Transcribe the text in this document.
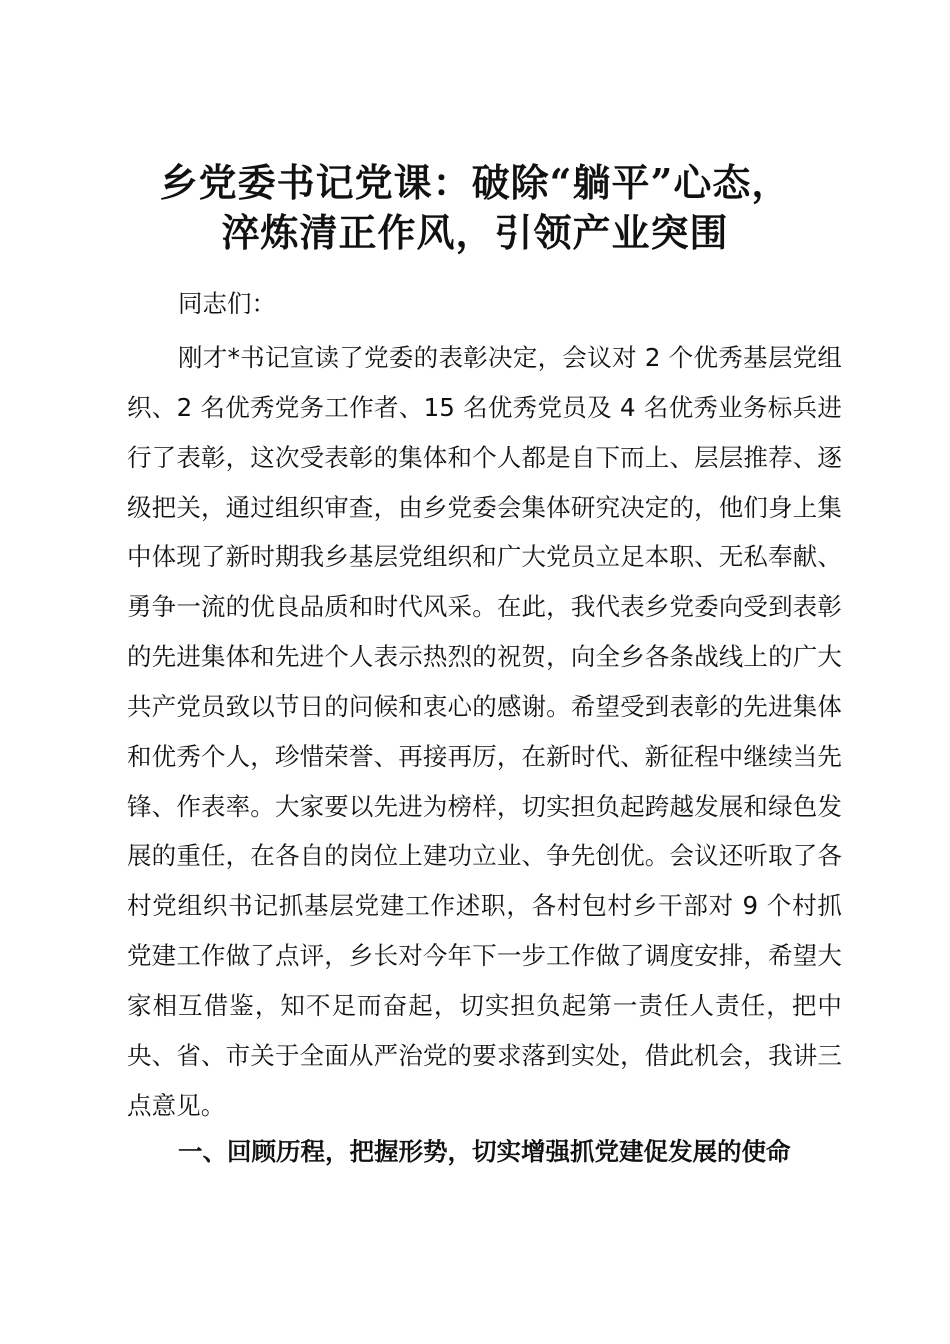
乡党委书记党课：破除“躺平”心态，
淬炼清正作风，引领产业突围
同志们：
刚才*书记宣读了党委的表彰决定，会议对 2 个优秀基层党组织、2 名优秀党务工作者、15 名优秀党员及 4 名优秀业务标兵进行了表彰，这次受表彰的集体和个人都是自下而上、层层推荐、逐级把关，通过组织审查，由乡党委会集体研究决定的，他们身上集中体现了新时期我乡基层党组织和广大党员立足本职、无私奉献、勇争一流的优良品质和时代风采。在此，我代表乡党委向受到表彰的先进集体和先进个人表示热烈的祝贺，向全乡各条战线上的广大共产党员致以节日的问候和衷心的感谢。希望受到表彰的先进集体和优秀个人，珍惜荣誉、再接再厉，在新时代、新征程中继续当先锋、作表率。大家要以先进为榜样，切实担负起跨越发展和绿色发展的重任，在各自的岗位上建功立业、争先创优。会议还听取了各村党组织书记抓基层党建工作述职，各村包村乡干部对 9 个村抓党建工作做了点评，乡长对今年下一步工作做了调度安排，希望大家相互借鉴，知不足而奋起，切实担负起第一责任人责任，把中央、省、市关于全面从严治党的要求落到实处，借此机会，我讲三点意见。
一、回顾历程，把握形势，切实增强抓党建促发展的使命
